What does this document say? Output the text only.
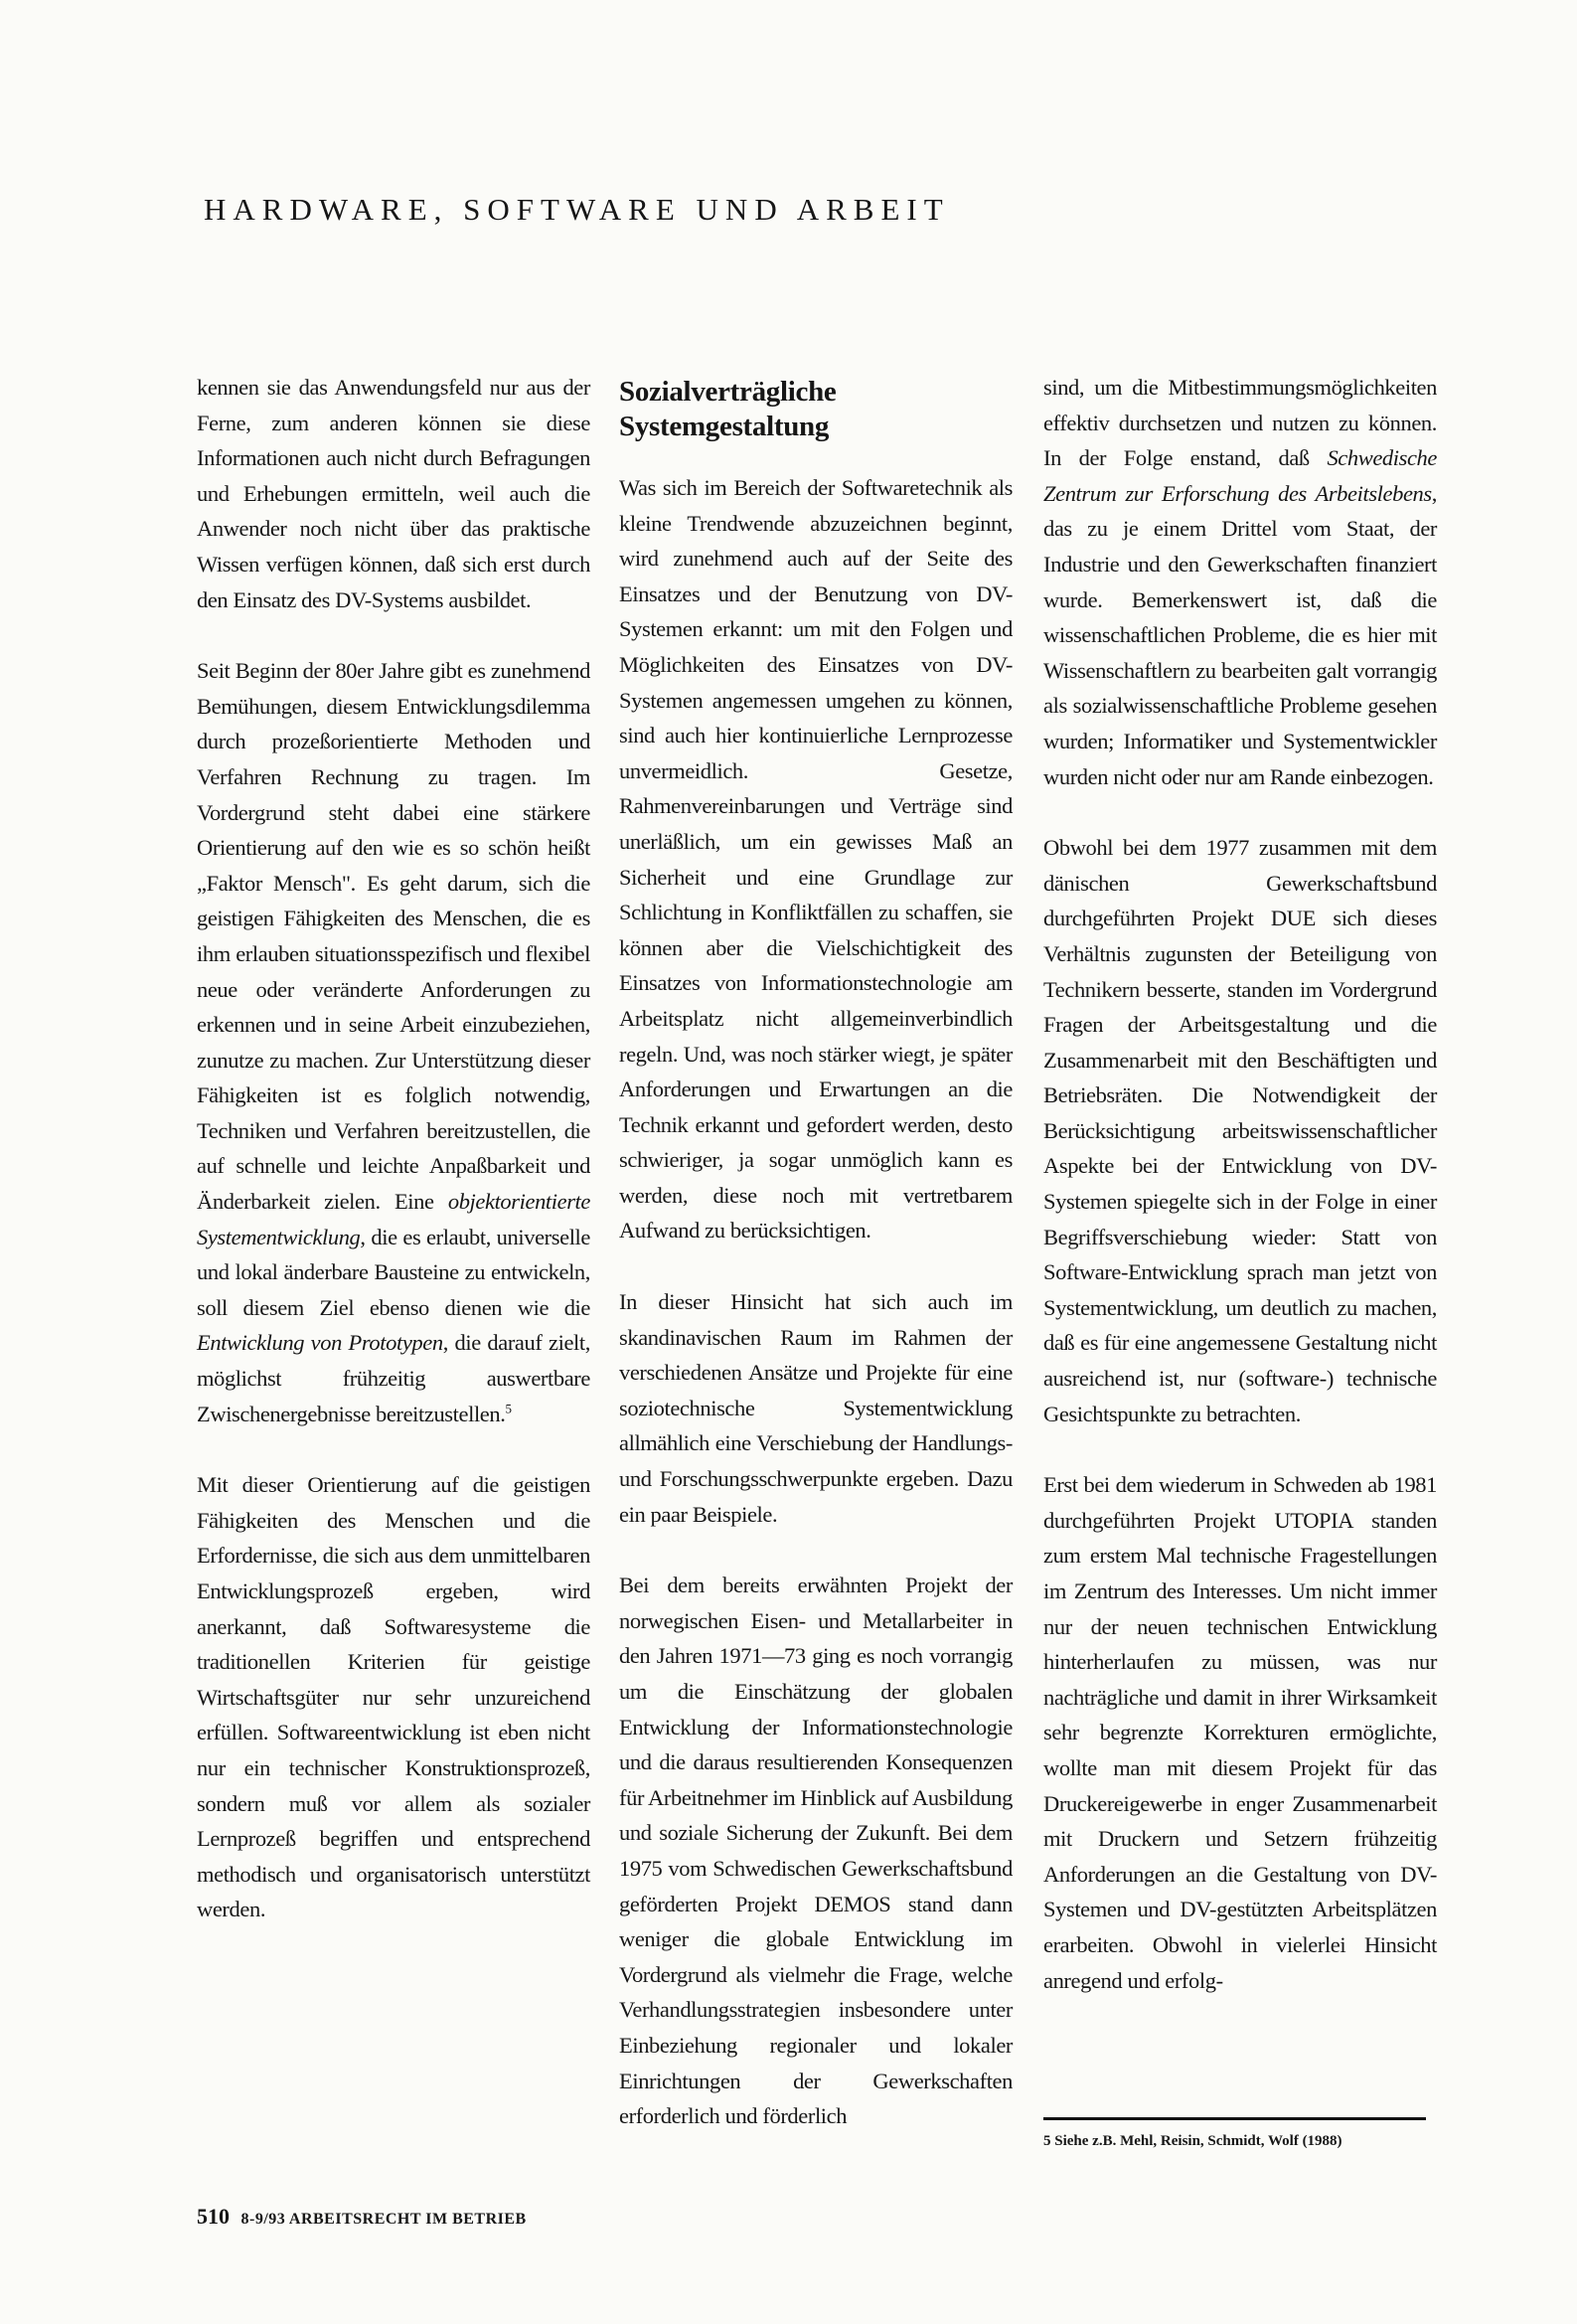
HARDWARE, SOFTWARE UND ARBEIT

kennen sie das Anwendungsfeld nur aus der Ferne, zum anderen können sie diese Informationen auch nicht durch Befragungen und Erhebungen ermitteln, weil auch die Anwender noch nicht über das praktische Wissen verfügen können, daß sich erst durch den Einsatz des DV-Systems ausbildet.

Seit Beginn der 80er Jahre gibt es zunehmend Bemühungen, diesem Entwicklungsdilemma durch prozeßorientierte Methoden und Verfahren Rechnung zu tragen. Im Vordergrund steht dabei eine stärkere Orientierung auf den wie es so schön heißt „Faktor Mensch". Es geht darum, sich die geistigen Fähigkeiten des Menschen, die es ihm erlauben situationsspezifisch und flexibel neue oder veränderte Anforderungen zu erkennen und in seine Arbeit einzubeziehen, zunutze zu machen. Zur Unterstützung dieser Fähigkeiten ist es folglich notwendig, Techniken und Verfahren bereitzustellen, die auf schnelle und leichte Anpaßbarkeit und Änderbarkeit zielen. Eine objektorientierte Systementwicklung, die es erlaubt, universelle und lokal änderbare Bausteine zu entwickeln, soll diesem Ziel ebenso dienen wie die Entwicklung von Prototypen, die darauf zielt, möglichst frühzeitig auswertbare Zwischenergebnisse bereitzustellen.$^5$

Mit dieser Orientierung auf die geistigen Fähigkeiten des Menschen und die Erfordernisse, die sich aus dem unmittelbaren Entwicklungsprozeß ergeben, wird anerkannt, daß Softwaresysteme die traditionellen Kriterien für geistige Wirtschaftsgüter nur sehr unzureichend erfüllen. Softwareentwicklung ist eben nicht nur ein technischer Konstruktionsprozeß, sondern muß vor allem als sozialer Lernprozeß begriffen und entsprechend methodisch und organisatorisch unterstützt werden.

Sozialverträgliche
Systemgestaltung

Was sich im Bereich der Softwaretechnik als kleine Trendwende abzuzeichnen beginnt, wird zunehmend auch auf der Seite des Einsatzes und der Benutzung von DV-Systemen erkannt: um mit den Folgen und Möglichkeiten des Einsatzes von DV-Systemen angemessen umgehen zu können, sind auch hier kontinuierliche Lernprozesse unvermeidlich. Gesetze, Rahmenvereinbarungen und Verträge sind unerläßlich, um ein gewisses Maß an Sicherheit und eine Grundlage zur Schlichtung in Konfliktfällen zu schaffen, sie können aber die Vielschichtigkeit des Einsatzes von Informationstechnologie am Arbeitsplatz nicht allgemeinverbindlich regeln. Und, was noch stärker wiegt, je später Anforderungen und Erwartungen an die Technik erkannt und gefordert werden, desto schwieriger, ja sogar unmöglich kann es werden, diese noch mit vertretbarem Aufwand zu berücksichtigen.

In dieser Hinsicht hat sich auch im skandinavischen Raum im Rahmen der verschiedenen Ansätze und Projekte für eine soziotechnische Systementwicklung allmählich eine Verschiebung der Handlungs- und Forschungsschwerpunkte ergeben. Dazu ein paar Beispiele.

Bei dem bereits erwähnten Projekt der norwegischen Eisen- und Metallarbeiter in den Jahren 1971—73 ging es noch vorrangig um die Einschätzung der globalen Entwicklung der Informationstechnologie und die daraus resultierenden Konsequenzen für Arbeitnehmer im Hinblick auf Ausbildung und soziale Sicherung der Zukunft. Bei dem 1975 vom Schwedischen Gewerkschaftsbund geförderten Projekt DEMOS stand dann weniger die globale Entwicklung im Vordergrund als vielmehr die Frage, welche Verhandlungsstrategien insbesondere unter Einbeziehung regionaler und lokaler Einrichtungen der Gewerkschaften erforderlich und förderlich

sind, um die Mitbestimmungsmöglichkeiten effektiv durchsetzen und nutzen zu können. In der Folge enstand, daß Schwedische Zentrum zur Erforschung des Arbeitslebens, das zu je einem Drittel vom Staat, der Industrie und den Gewerkschaften finanziert wurde. Bemerkenswert ist, daß die wissenschaftlichen Probleme, die es hier mit Wissenschaftlern zu bearbeiten galt vorrangig als sozialwissenschaftliche Probleme gesehen wurden; Informatiker und Systementwickler wurden nicht oder nur am Rande einbezogen.

Obwohl bei dem 1977 zusammen mit dem dänischen Gewerkschaftsbund durchgeführten Projekt DUE sich dieses Verhältnis zugunsten der Beteiligung von Technikern besserte, standen im Vordergrund Fragen der Arbeitsgestaltung und die Zusammenarbeit mit den Beschäftigten und Betriebsräten. Die Notwendigkeit der Berücksichtigung arbeitswissenschaftlicher Aspekte bei der Entwicklung von DV-Systemen spiegelte sich in der Folge in einer Begriffsverschiebung wieder: Statt von Software-Entwicklung sprach man jetzt von Systementwicklung, um deutlich zu machen, daß es für eine angemessene Gestaltung nicht ausreichend ist, nur (software-) technische Gesichtspunkte zu betrachten.

Erst bei dem wiederum in Schweden ab 1981 durchgeführten Projekt UTOPIA standen zum erstem Mal technische Fragestellungen im Zentrum des Interesses. Um nicht immer nur der neuen technischen Entwicklung hinterherlaufen zu müssen, was nur nachträgliche und damit in ihrer Wirksamkeit sehr begrenzte Korrekturen ermöglichte, wollte man mit diesem Projekt für das Druckereigewerbe in enger Zusammenarbeit mit Druckern und Setzern frühzeitig Anforderungen an die Gestaltung von DV-Systemen und DV-gestützten Arbeitsplätzen erarbeiten. Obwohl in vielerlei Hinsicht anregend und erfolg-

5 Siehe z.B. Mehl, Reisin, Schmidt, Wolf (1988)
510 8-9/93 ARBEITSRECHT IM BETRIEB
